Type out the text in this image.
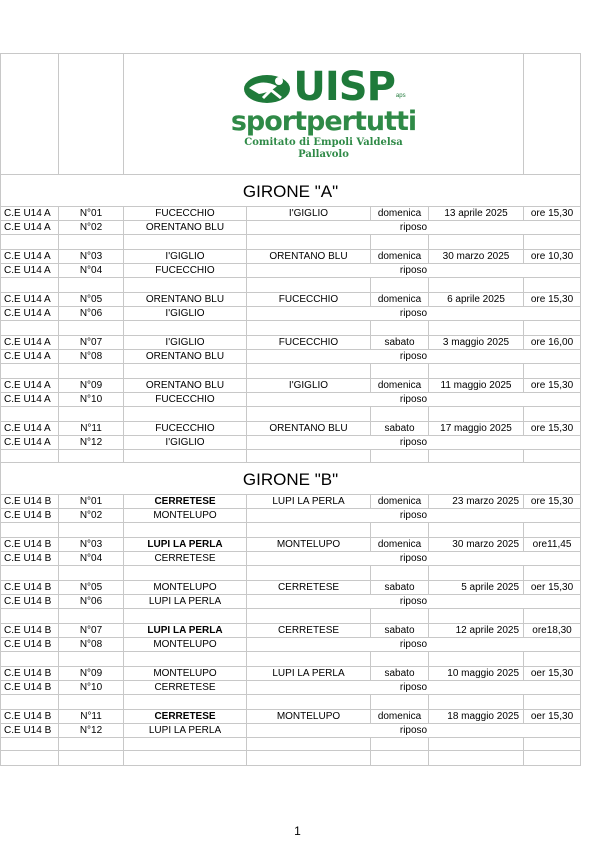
		UISP aps
sportpertutti
Comitato di Empoli Valdelsa
Pallavolo				

GIRONE "A"						
C.E U14 A	N°01	FUCECCHIO	I'GIGLIO	domenica	13 aprile 2025	ore 15,30
C.E U14 A	N°02	ORENTANO BLU	riposo			

C.E U14 A	N°03	I'GIGLIO	ORENTANO BLU	domenica	30 marzo 2025	ore 10,30
C.E U14 A	N°04	FUCECCHIO	riposo			

C.E U14 A	N°05	ORENTANO BLU	FUCECCHIO	domenica	6 aprile 2025	ore 15,30
C.E U14 A	N°06	I'GIGLIO	riposo			

C.E U14 A	N°07	I'GIGLIO	FUCECCHIO	sabato	3 maggio 2025	ore 16,00
C.E U14 A	N°08	ORENTANO BLU	riposo			

C.E U14 A	N°09	ORENTANO BLU	I'GIGLIO	domenica	11 maggio 2025	ore 15,30
C.E U14 A	N°10	FUCECCHIO	riposo			

C.E U14 A	N°11	FUCECCHIO	ORENTANO BLU	sabato	17 maggio 2025	ore 15,30
C.E U14 A	N°12	I'GIGLIO	riposo			

GIRONE "B"						
C.E U14 B	N°01	CERRETESE	LUPI LA PERLA	domenica	23 marzo 2025	ore 15,30
C.E U14 B	N°02	MONTELUPO	riposo			

C.E U14 B	N°03	LUPI LA PERLA	MONTELUPO	domenica	30 marzo 2025	ore11,45
C.E U14 B	N°04	CERRETESE	riposo			

C.E U14 B	N°05	MONTELUPO	CERRETESE	sabato	5 aprile 2025	oer 15,30
C.E U14 B	N°06	LUPI LA PERLA	riposo			

C.E U14 B	N°07	LUPI LA PERLA	CERRETESE	sabato	12 aprile 2025	ore18,30
C.E U14 B	N°08	MONTELUPO	riposo			

C.E U14 B	N°09	MONTELUPO	LUPI LA PERLA	sabato	10 maggio 2025	oer 15,30
C.E U14 B	N°10	CERRETESE	riposo			

C.E U14 B	N°11	CERRETESE	MONTELUPO	domenica	18 maggio 2025	oer 15,30
C.E U14 B	N°12	LUPI LA PERLA	riposo			

1
